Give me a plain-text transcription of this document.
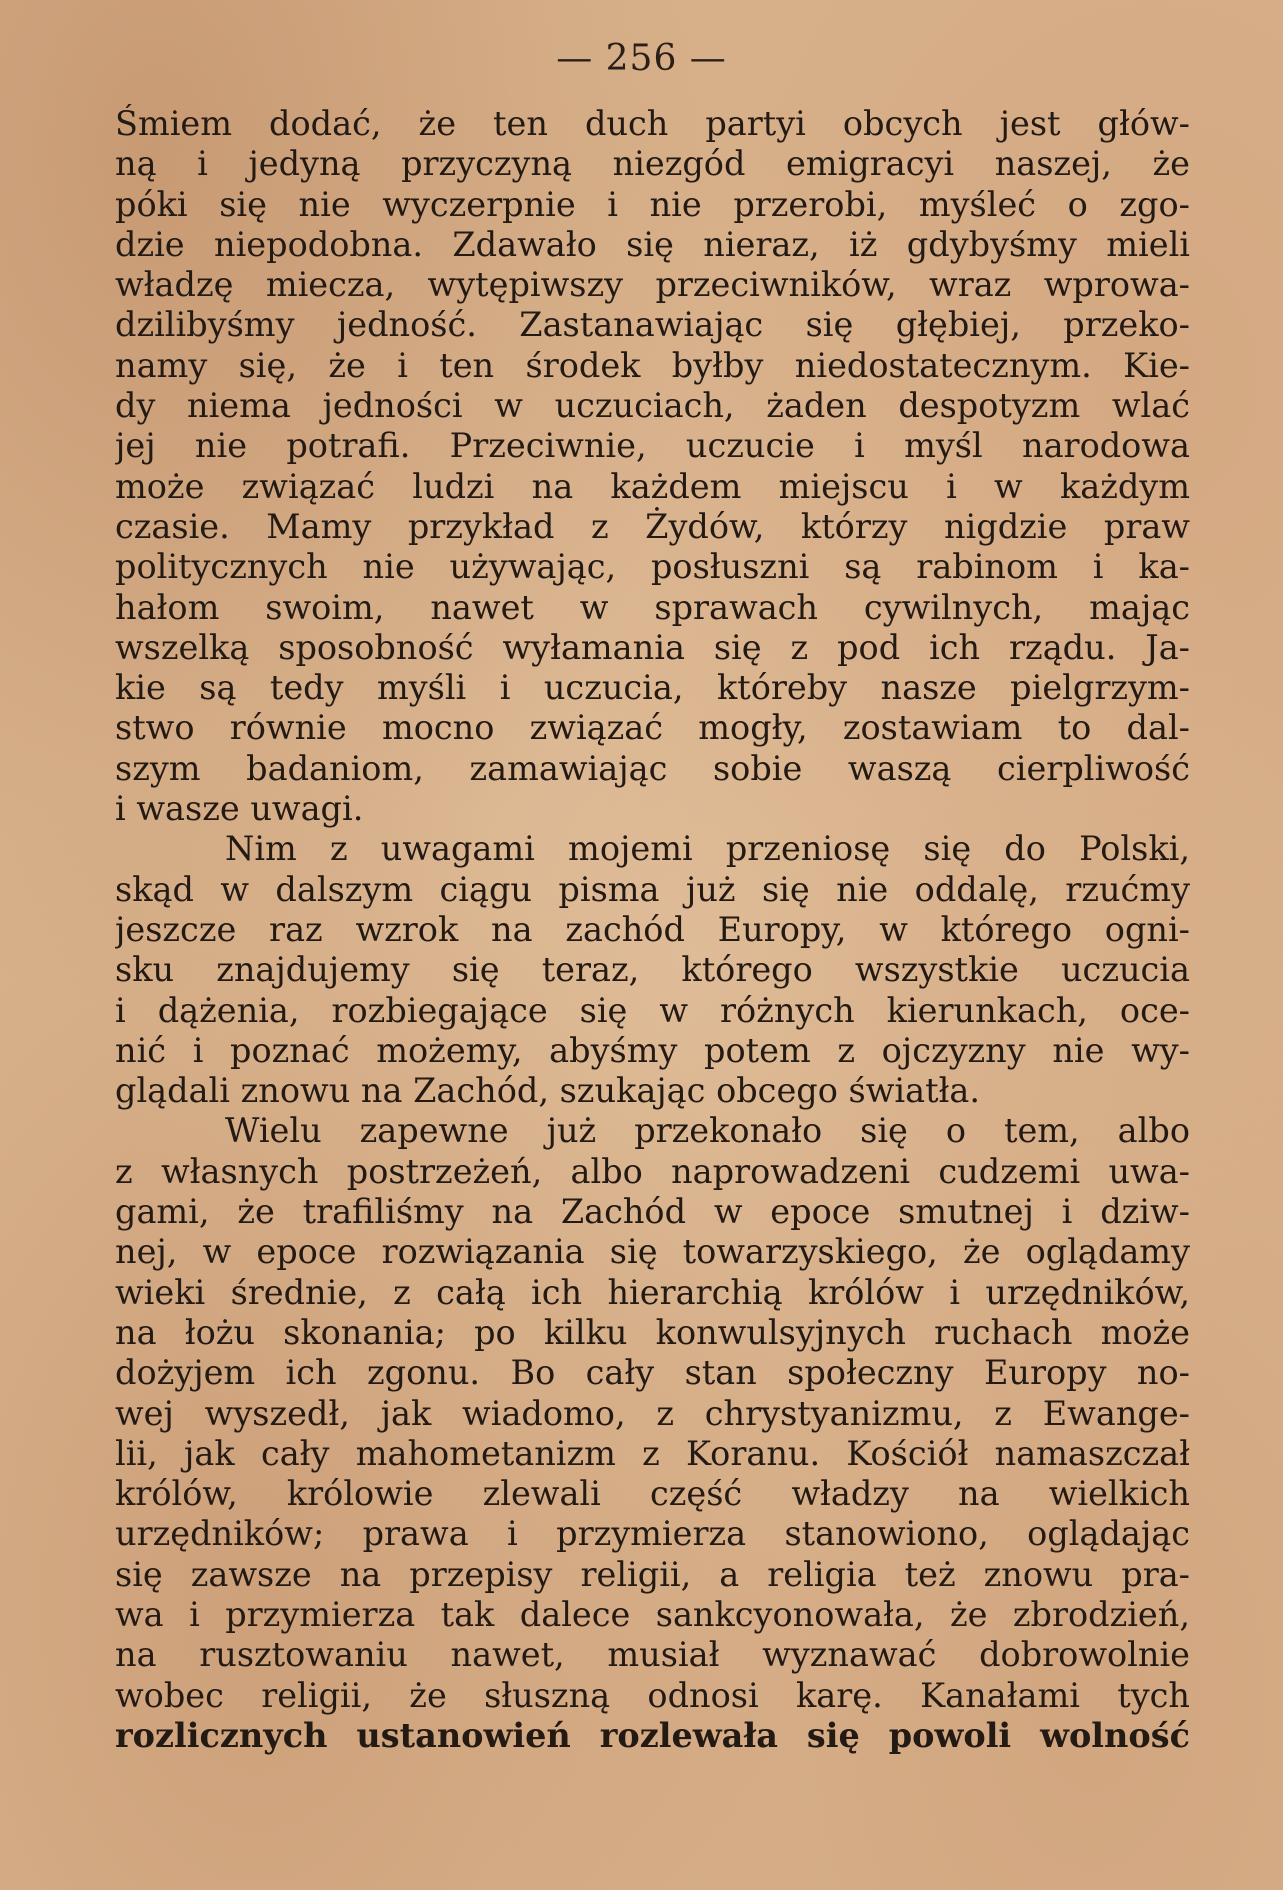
— 256 —
Śmiem dodać, że ten duch partyi obcych jest głów-
ną i jedyną przyczyną niezgód emigracyi naszej, że
póki się nie wyczerpnie i nie przerobi, myśleć o zgo-
dzie niepodobna. Zdawało się nieraz, iż gdybyśmy mieli
władzę miecza, wytępiwszy przeciwników, wraz wprowa-
dzilibyśmy jedność. Zastanawiając się głębiej, przeko-
namy się, że i ten środek byłby niedostatecznym. Kie-
dy niema jedności w uczuciach, żaden despotyzm wlać
jej nie potrafi. Przeciwnie, uczucie i myśl narodowa
może związać ludzi na każdem miejscu i w każdym
czasie. Mamy przykład z Żydów, którzy nigdzie praw
politycznych nie używając, posłuszni są rabinom i ka-
hałom swoim, nawet w sprawach cywilnych, mając
wszelką sposobność wyłamania się z pod ich rządu. Ja-
kie są tedy myśli i uczucia, któreby nasze pielgrzym-
stwo równie mocno związać mogły, zostawiam to dal-
szym badaniom, zamawiając sobie waszą cierpliwość
i wasze uwagi.
Nim z uwagami mojemi przeniosę się do Polski,
skąd w dalszym ciągu pisma już się nie oddalę, rzućmy
jeszcze raz wzrok na zachód Europy, w którego ogni-
sku znajdujemy się teraz, którego wszystkie uczucia
i dążenia, rozbiegające się w różnych kierunkach, oce-
nić i poznać możemy, abyśmy potem z ojczyzny nie wy-
glądali znowu na Zachód, szukając obcego światła.
Wielu zapewne już przekonało się o tem, albo
z własnych postrzeżeń, albo naprowadzeni cudzemi uwa-
gami, że trafiliśmy na Zachód w epoce smutnej i dziw-
nej, w epoce rozwiązania się towarzyskiego, że oglądamy
wieki średnie, z całą ich hierarchią królów i urzędników,
na łożu skonania; po kilku konwulsyjnych ruchach może
dożyjem ich zgonu. Bo cały stan społeczny Europy no-
wej wyszedł, jak wiadomo, z chrystyanizmu, z Ewange-
lii, jak cały mahometanizm z Koranu. Kościół namaszczał
królów, królowie zlewali część władzy na wielkich
urzędników; prawa i przymierza stanowiono, oglądając
się zawsze na przepisy religii, a religia też znowu pra-
wa i przymierza tak dalece sankcyonowała, że zbrodzień,
na rusztowaniu nawet, musiał wyznawać dobrowolnie
wobec religii, że słuszną odnosi karę. Kanałami tych
rozlicznych ustanowień rozlewała się powoli wolność
